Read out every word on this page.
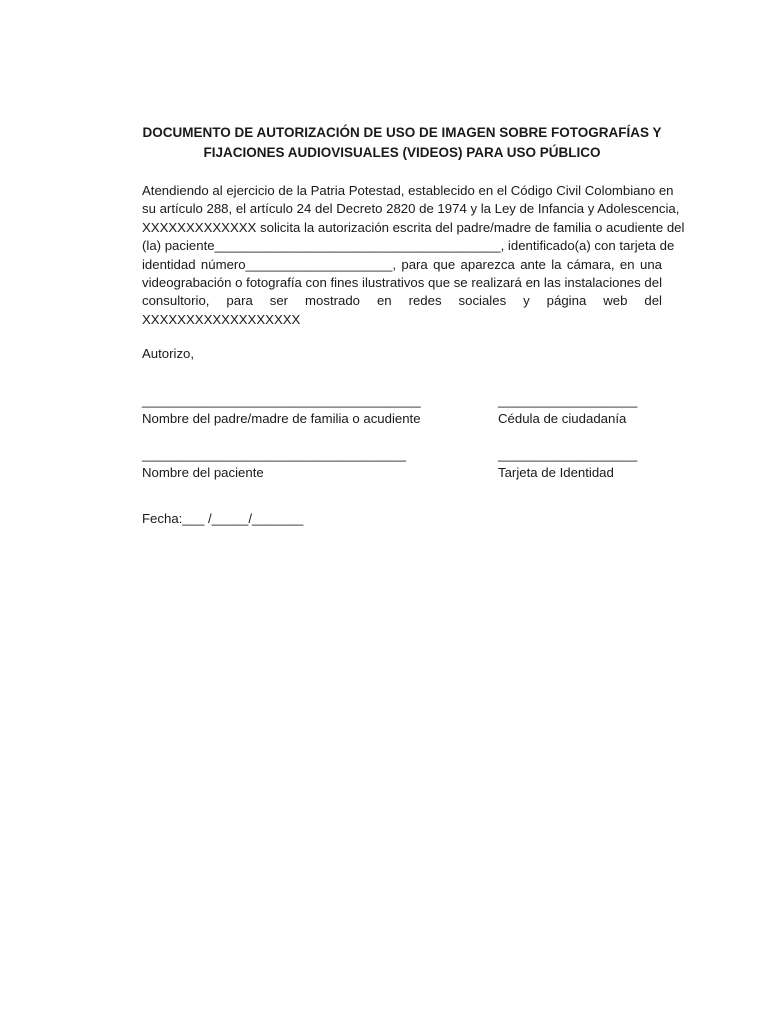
DOCUMENTO DE AUTORIZACIÓN DE USO DE IMAGEN SOBRE FOTOGRAFÍAS Y
FIJACIONES AUDIOVISUALES (VIDEOS) PARA USO PÚBLICO
Atendiendo al ejercicio de la Patria Potestad, establecido en el Código Civil Colombiano en
su artículo 288, el artículo 24 del Decreto 2820 de 1974 y la Ley de Infancia y Adolescencia,
XXXXXXXXXXXXX solicita la autorización escrita del padre/madre de familia o acudiente del
(la) paciente_______________________________________, identificado(a) con tarjeta de
identidad número____________________, para que aparezca ante la cámara, en una
videograbación o fotografía con fines ilustrativos que se realizará en las instalaciones del
consultorio, para ser mostrado en redes sociales y página web del
XXXXXXXXXXXXXXXXXX

Autorizo,

______________________________________
Nombre del padre/madre de familia o acudiente
___________________
Cédula de ciudadanía
____________________________________
Nombre del paciente
___________________
Tarjeta de Identidad

Fecha:___ /_____/_______
